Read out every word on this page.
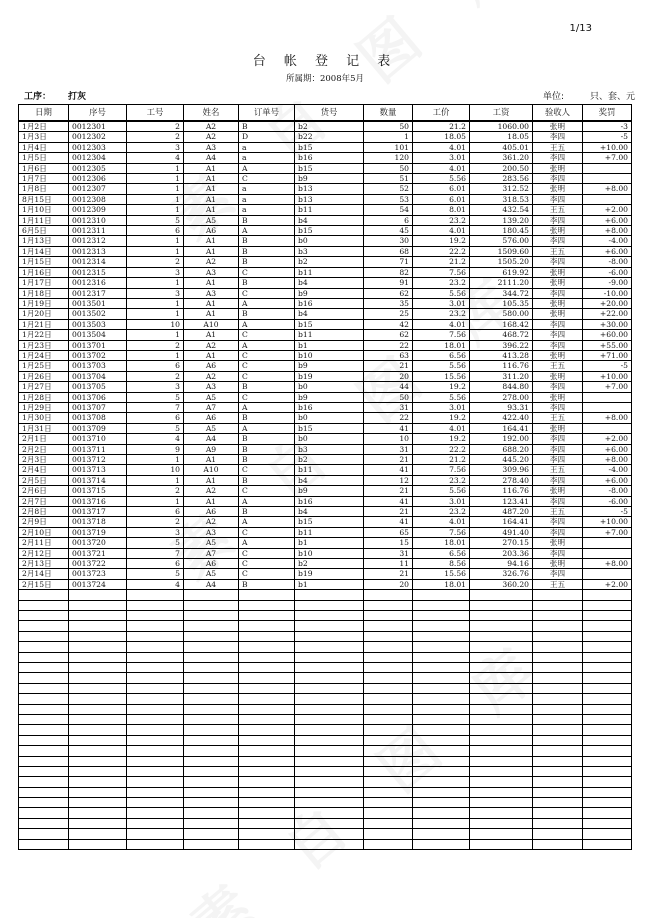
1/13
台 帐 登 记 表
所属期：2008年5月
工序： 打灰	单位:	只、套、元
日期	序号	工号	姓名	订单号	货号	数量	工价	工资	验收人	奖罚
1月2日	0012301	2	A2	B	b2	50	21.2	1060.00	张明	-3
1月3日	0012302	2	A2	D	b22	1	18.05	18.05	李四	-5
1月4日	0012303	3	A3	a	b15	101	4.01	405.01	王五	+10.00
1月5日	0012304	4	A4	a	b16	120	3.01	361.20	李四	+7.00
1月6日	0012305	1	A1	A	b15	50	4.01	200.50	张明	
1月7日	0012306	1	A1	C	b9	51	5.56	283.56	李四	
1月8日	0012307	1	A1	a	b13	52	6.01	312.52	张明	+8.00
8月15日	0012308	1	A1	a	b13	53	6.01	318.53	李四	
1月10日	0012309	1	A1	a	b11	54	8.01	432.54	王五	+2.00
1月11日	0012310	5	A5	B	b4	6	23.2	139.20	李四	+6.00
6月5日	0012311	6	A6	A	b15	45	4.01	180.45	张明	+8.00
1月13日	0012312	1	A1	B	b0	30	19.2	576.00	李四	-4.00
1月14日	0012313	1	A1	B	b3	68	22.2	1509.60	王五	+6.00
1月15日	0012314	2	A2	B	b2	71	21.2	1505.20	李四	-8.00
1月16日	0012315	3	A3	C	b11	82	7.56	619.92	张明	-6.00
1月17日	0012316	1	A1	B	b4	91	23.2	2111.20	张明	-9.00
1月18日	0012317	3	A3	C	b9	62	5.56	344.72	李四	-10.00
1月19日	0013501	1	A1	A	b16	35	3.01	105.35	张明	+20.00
1月20日	0013502	1	A1	B	b4	25	23.2	580.00	张明	+22.00
1月21日	0013503	10	A10	A	b15	42	4.01	168.42	李四	+30.00
1月22日	0013504	1	A1	C	b11	62	7.56	468.72	李四	+60.00
1月23日	0013701	2	A2	A	b1	22	18.01	396.22	李四	+55.00
1月24日	0013702	1	A1	C	b10	63	6.56	413.28	张明	+71.00
1月25日	0013703	6	A6	C	b9	21	5.56	116.76	王五	-5
1月26日	0013704	2	A2	C	b19	20	15.56	311.20	张明	+10.00
1月27日	0013705	3	A3	B	b0	44	19.2	844.80	李四	+7.00
1月28日	0013706	5	A5	C	b9	50	5.56	278.00	张明	
1月29日	0013707	7	A7	A	b16	31	3.01	93.31	李四	
1月30日	0013708	6	A6	B	b0	22	19.2	422.40	王五	+8.00
1月31日	0013709	5	A5	A	b15	41	4.01	164.41	张明	
2月1日	0013710	4	A4	B	b0	10	19.2	192.00	李四	+2.00
2月2日	0013711	9	A9	B	b3	31	22.2	688.20	李四	+6.00
2月3日	0013712	1	A1	B	b2	21	21.2	445.20	李四	+8.00
2月4日	0013713	10	A10	C	b11	41	7.56	309.96	王五	-4.00
2月5日	0013714	1	A1	B	b4	12	23.2	278.40	李四	+6.00
2月6日	0013715	2	A2	C	b9	21	5.56	116.76	张明	-8.00
2月7日	0013716	1	A1	A	b16	41	3.01	123.41	李四	-6.00
2月8日	0013717	6	A6	B	b4	21	23.2	487.20	王五	-5
2月9日	0013718	2	A2	A	b15	41	4.01	164.41	李四	+10.00
2月10日	0013719	3	A3	C	b11	65	7.56	491.40	李四	+7.00
2月11日	0013720	5	A5	A	b1	15	18.01	270.15	张明	
2月12日	0013721	7	A7	C	b10	31	6.56	203.36	李四	
2月13日	0013722	6	A6	C	b2	11	8.56	94.16	张明	+8.00
2月14日	0013723	5	A5	C	b19	21	15.56	326.76	李四	
2月15日	0013724	4	A4	B	b1	20	18.01	360.20	王五	+2.00
